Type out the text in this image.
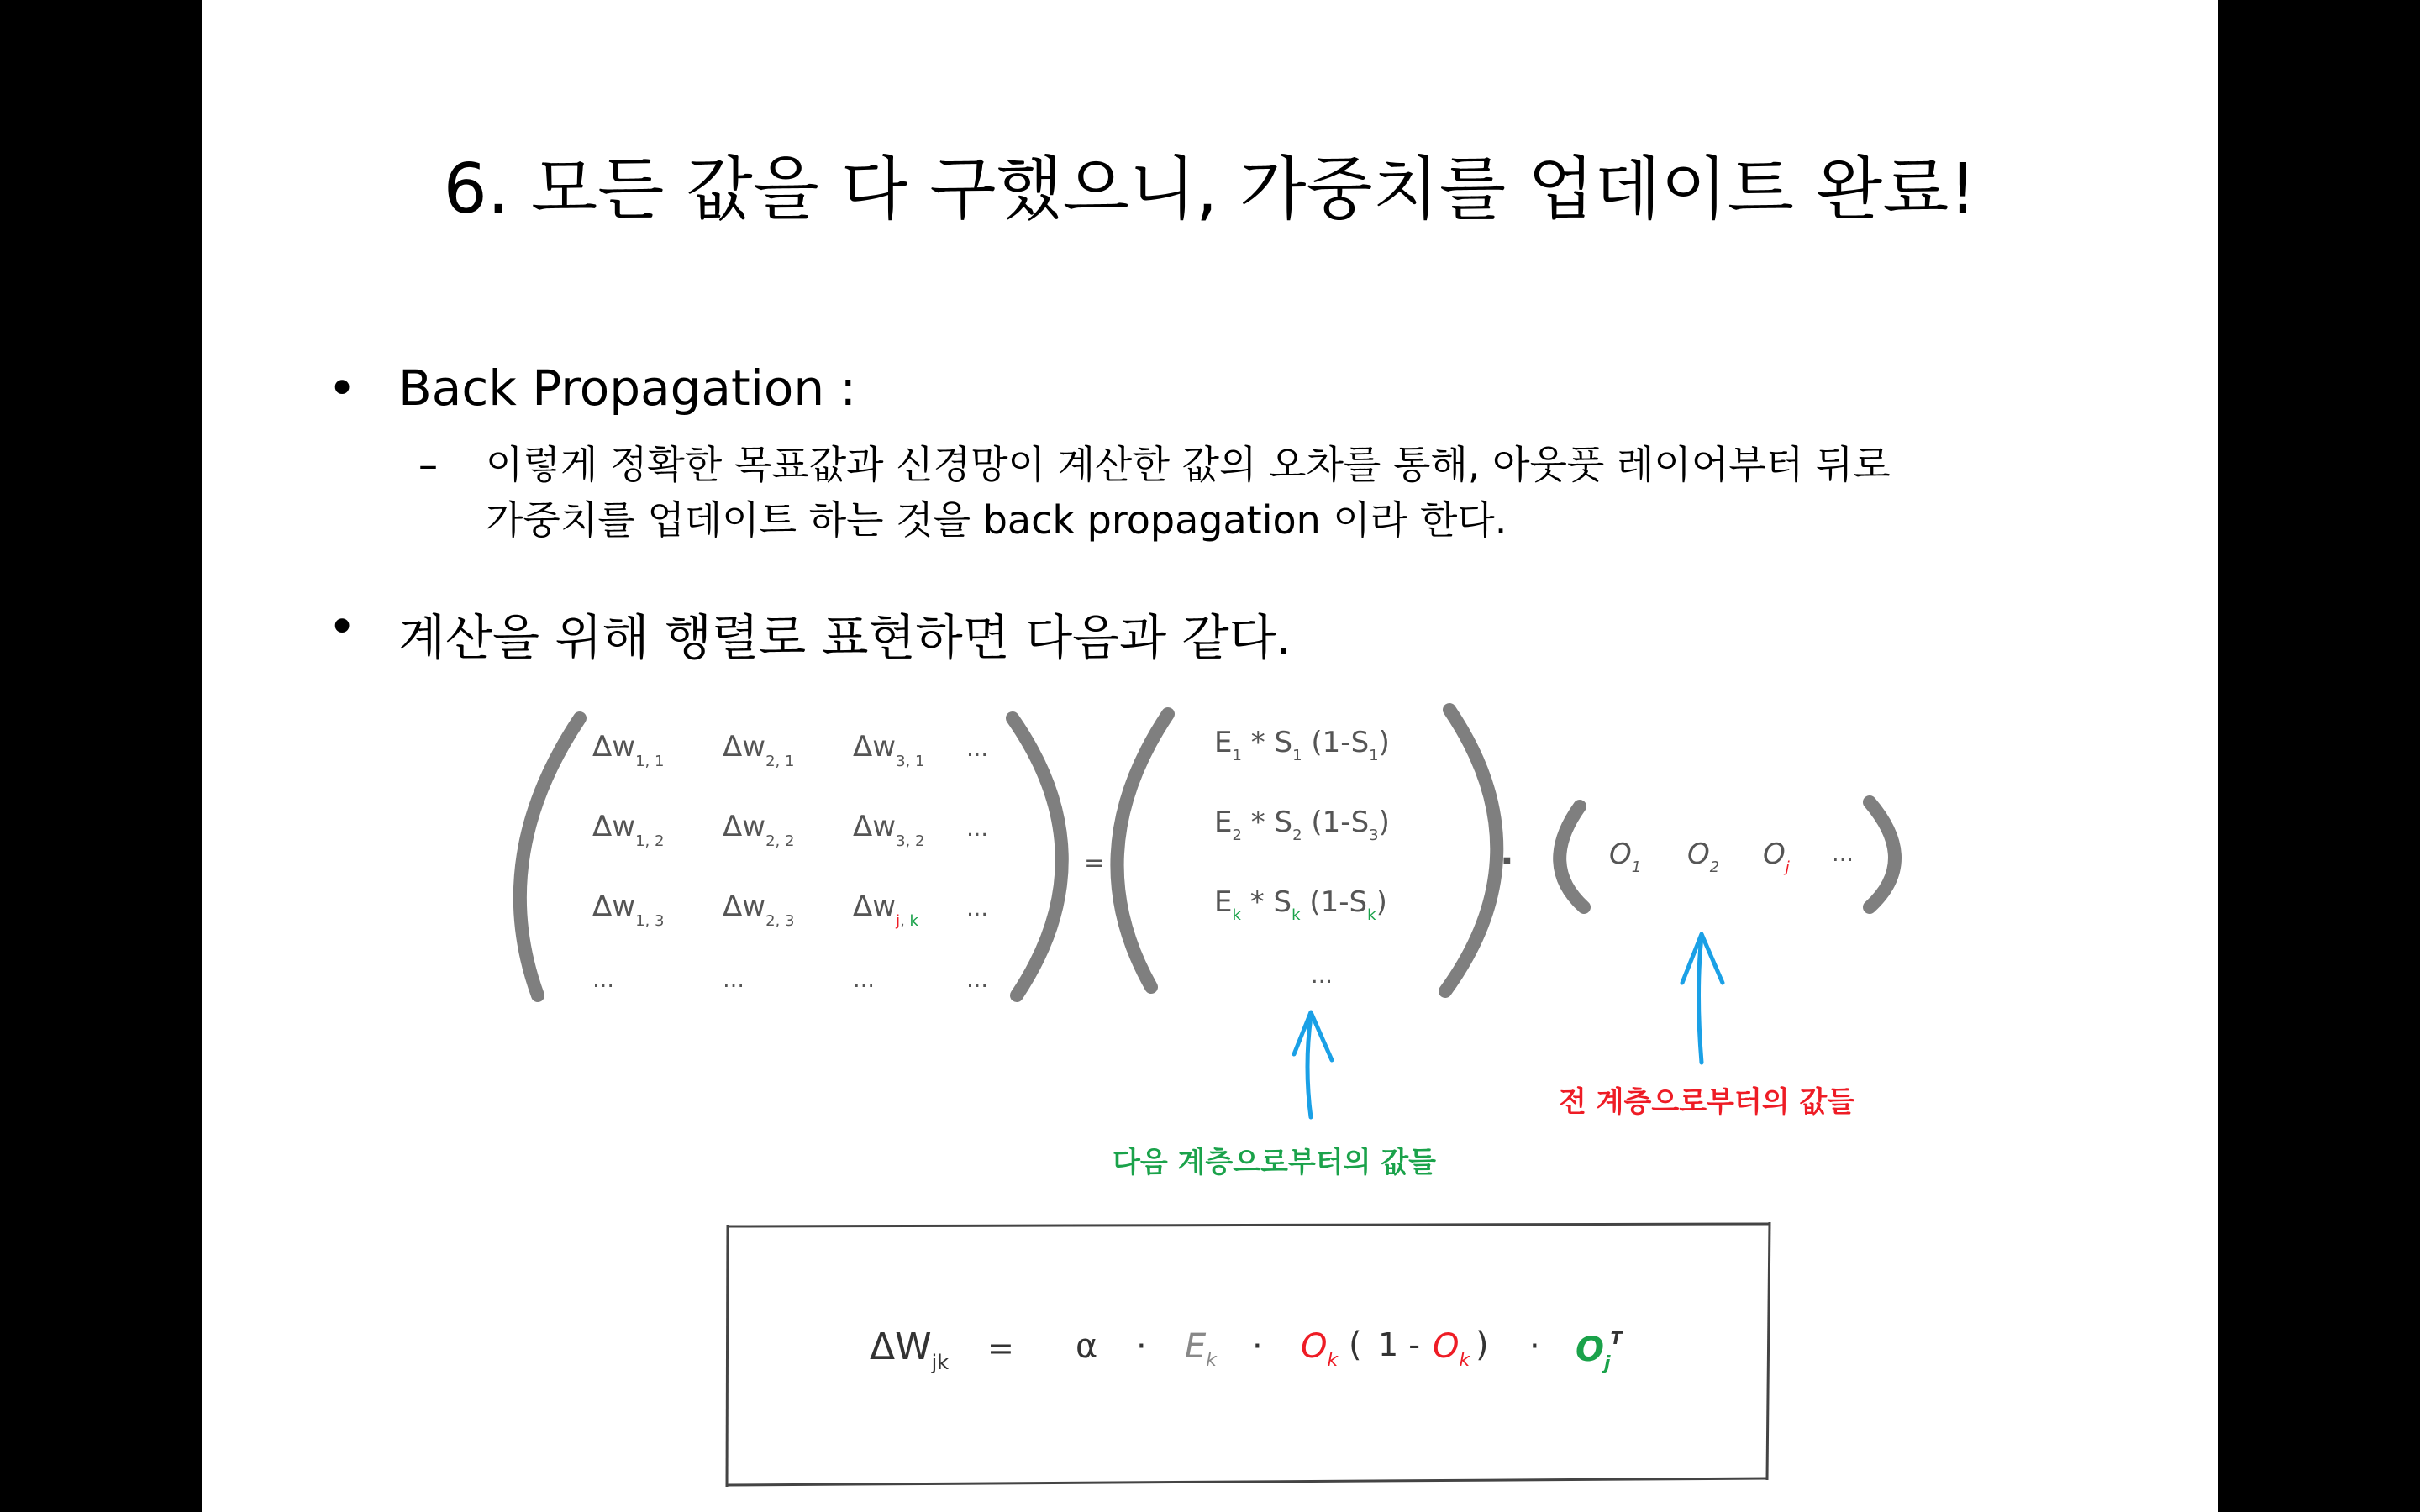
6. 모든 값을 다 구했으니, 가중치를 업데이트 완료!
• Back Propagation :
– 이렇게 정확한 목표값과 신경망이 계산한 값의 오차를 통해, 아웃풋 레이어부터 뒤로
가중치를 업데이트 하는 것을 back propagation 이라 한다.
• 계산을 위해 행렬로 표현하면 다음과 같다.
$\Delta w_{1, 1}$ $\Delta w_{2, 1}$ $\Delta w_{3, 1}$ …
$\Delta w_{1, 2}$ $\Delta w_{2, 2}$ $\Delta w_{3, 2}$ …
$\Delta w_{1, 3}$ $\Delta w_{2, 3}$ $\Delta w_j$, k …
…	…	…	…
=
$E_1 * S_1$ $(1-S_1)$
$E_2 * S_2$ $(1-S_3)$
$E_k * S_k$ $(1-S_k)$
…
·	$O_1$ $O_2$ $O_j$
…
$\Delta W_{jk} = \alpha \cdot E_k \cdot O_k$ ( $1 - O_k$ ) · $O_j^T$
다음 계층으로부터의 값들
전 계층으로부터의 값들
